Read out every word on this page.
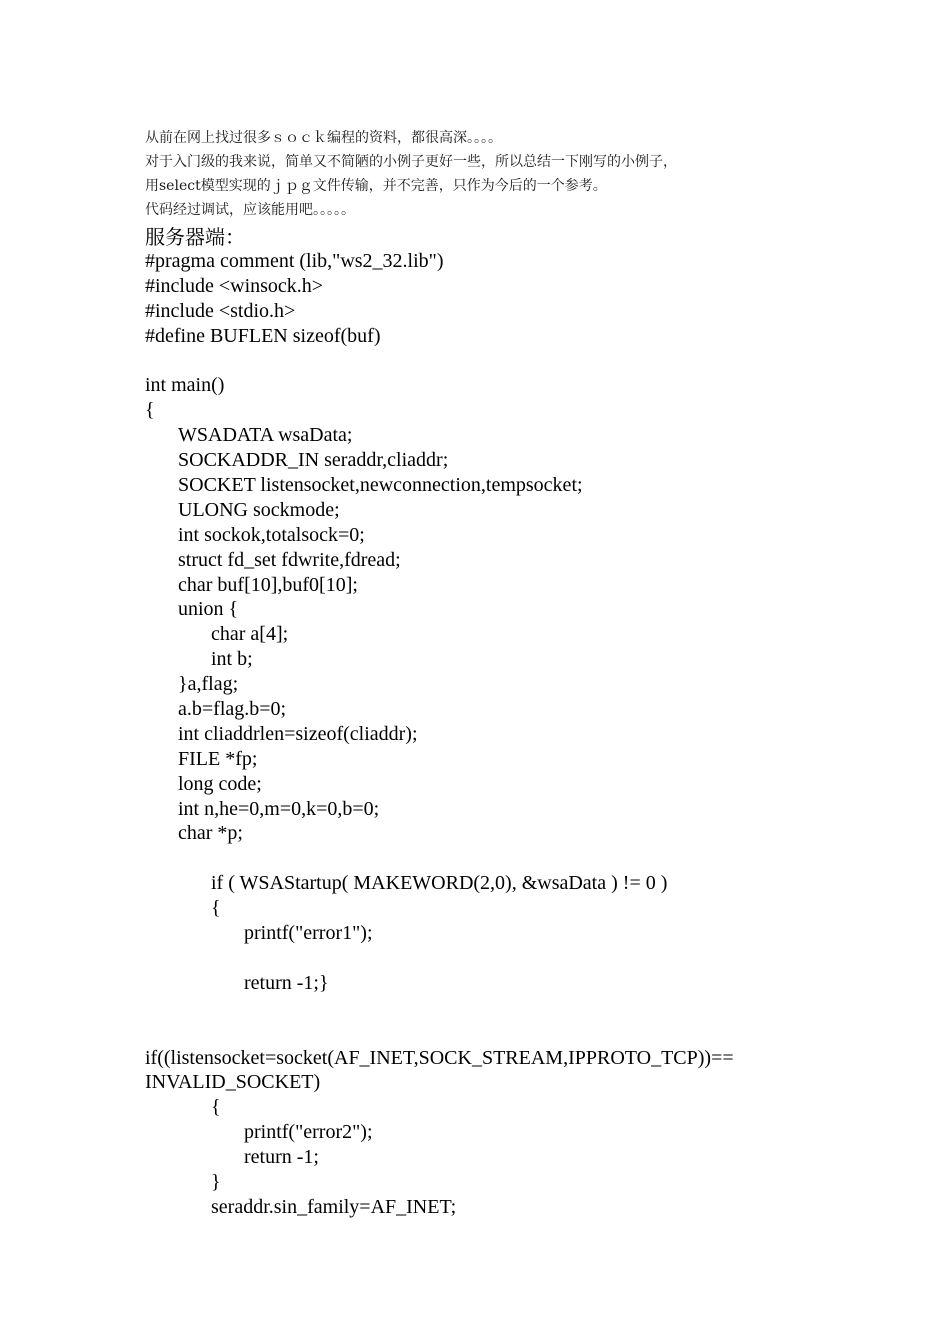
从前在网上找过很多ｓｏｃｋ编程的资料，都很高深。。。。
对于入门级的我来说，简单又不简陋的小例子更好一些，所以总结一下刚写的小例子，
用select模型实现的ｊｐｇ文件传输，并不完善，只作为今后的一个参考。
代码经过调试，应该能用吧。。。。。
服务器端：
#pragma comment (lib,"ws2_32.lib")
#include <winsock.h>
#include <stdio.h>
#define BUFLEN sizeof(buf)
int main()
{
WSADATA wsaData;
SOCKADDR_IN seraddr,cliaddr;
SOCKET listensocket,newconnection,tempsocket;
ULONG sockmode;
int sockok,totalsock=0;
struct fd_set fdwrite,fdread;
char buf[10],buf0[10];
union {
char a[4];
int b;
}a,flag;
a.b=flag.b=0;
int cliaddrlen=sizeof(cliaddr);
FILE *fp;
long code;
int n,he=0,m=0,k=0,b=0;
char *p;
if ( WSAStartup( MAKEWORD(2,0), &wsaData ) != 0 )
{
printf("error1");
return -1;}
if((listensocket=socket(AF_INET,SOCK_STREAM,IPPROTO_TCP))==
INVALID_SOCKET)
{
printf("error2");
return -1;
}
seraddr.sin_family=AF_INET;
